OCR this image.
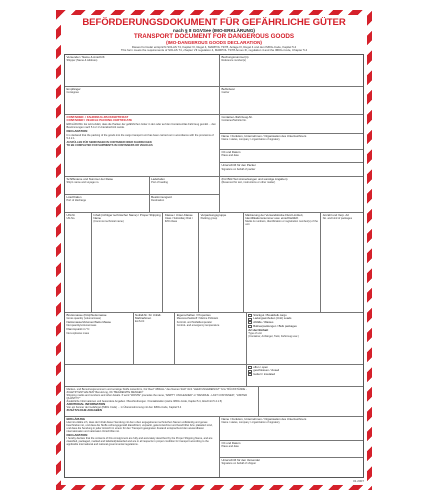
BEFÖRDERUNGSDOKUMENT FÜR GEFÄHRLICHE GÜTER
nach § 8 GGVSee (IMO-ERKLÄRUNG)
TRANSPORT DOCUMENT FOR DANGEROUS GOODS
(IMO-DANGEROUS GOODS DECLARATION)
Dieses Formular entspricht SOLAS 74, Kapitel VI, Regel 4, MARPOL 73/78, Anlage III, Regel 4 und den IMDG-Code, Kapitel 5.4
This form meets the requirements of SOLAS 74, chapter VII regulation 4, MARPOL 73/78 Annex III, regulation 4 and the IMDG-Code, Chapter 5.4
Versender / Name & Anschrift
Shipper (Name & Address)
Buchungsnummer(n)
Reference number(s)
Empfänger
Consignee
Beförderer
Carrier
CONTAINER- / FAHRZEUG-PACKZERTIFIKAT
CONTAINER / VEHICLE PACKING CERTIFICATE
ERKLÄRUNG: Es wird erklärt, dass die Packen der gefährlichen Güter in den oder auf den Container/das Fahrzeug gemäß ... den Bestimmungen nach 5.4.2.1 Unterabschnitt wurde.
DECLARATION
It is declared that the packing of the goods into the cargo transport unit has been carried out in accordance with the provisions of 5.4.2.1.
AUSFÜLLEN FÜR SENDUNGEN IN CONTAINER ODER FAHRZEUGEN
TO BE COMPLETED FOR SHIPMENTS IN CONTAINERS OR VEHICLES
Container-/Fahrzeug-Nr.
Container/Vehicle No.
Name / Funktion, Unternehmen / Organisation des Unterzeichners
Name / status, company / organization of signatory
Ort und Datum
Place and date
Unterschrift für den Packer
Signature on behalf of packer
Schiffsname und Nummer der Reise
Ship's name and voyage no.
Ladehafen
Port of loading
Löschhafen
Port of discharge
Bestimmungsort
Destination
(Für Bild Text Anmerkungen und sonstige Angaben)
(Reserved for text, instructions or other matter)
UN-Nr.
UN-No.
Inhalt (richtiger technischer Name) / Proper Shipping Name
(Common technical name)
Klasse / Unter-Klasse
Class / Subsidiary Risk / IMO-Class
Verpackungsgruppe
Packing group
Markierung der Versandstücke Fluid Limitiert, Identifikationsnummer usw. einschließlich
Marks & numbers, Identification or registration number(s) of the unit
Anzahl und Verp. Art
No. and kind of packages
Bruttomasse (Kilo)/Nettomasse
Gross quantity (volume/mass)
Nettomasse/Volumen/Netto Masse
Net quantity/volume/mass
Flammpunkt in °C
Net explosive mass
Notfall-Nr. für Unfall-Maßnahmen
EmS-Nr.
Eigenschaften / Properties
Meeresschadstoff / Marine Pollutant
Kontroll- und Notfalltemperatur
Control- and emergency temperature
Stückgut / Breakbulk cargo
Ladungseinheiten (Unit) Loads
Abfälle / Wastes
Bulkverpackungen / Bulk packages
Art der Einheit
Type of unit
(Container, Anhänger, Tank, Fahrzeug usw.)
offen / open
geschlossen / closed
Isoliert / insulated
Marken- und Benutzungsnummern und sonstige Stoffe Listenform, Für Reef "ABFALL" des Namen Stoff "ALS "LEER UNGEREINIGT" bzw "RÜCKSTÄNDE - ZULETZT ENTHALTEN" Benutzung, Ob "BEGRENZTE MENGEN"
Shipping marks and numbers and other details. If word "WASTE" precedes the name, "EMPTY UNCLEANED" or "RESIDUE - LAST CONTAINED", "LIMITED QUANTITY"
Zusätzliche Informationen und besondere Angaben / Beschreibungen / Kontaktstellen (siehe IMDG-Code, Kapitel 5.4, Abschnitt 5.4.1.5)
ADDITIONAL INFORMATION
Von ein Kenner der Gefahrgut (IMDG Code) ... in Übereinstimmung mit den IMDG-Code, Kapitel 5.4
ZUSÄTZLICHE ANGABEN
ERKLÄRUNG
Hiermit erkläre ich, dass der Inhalt dieser Sendung mit dem oben angegebenen technischen Namen vollständig und genau beschrieben ist, und dass die Stoffe ordnungsgemäß klassifiziert, verpackt, gekennzeichnet und beschriftet bzw. plakatiert sind, und dass die Sendung in jeder Hinsicht in einem für den Transport geeigneten Zustand entsprechend den anwendbaren internationalen und nationalen Vorschriften ist.
DECLARATION
I hereby declare that the contents of this consignment are fully and accurately described by the Proper Shipping Name, and are classified, packaged, marked and labelled/placarded and are in all respects in proper condition for transport according to the applicable international and national governmental regulations.
Name / Funktion, Unternehmen / Organisation des Unterzeichners
Name / status, company / organization of signatory
Ort und Datum
Place and date
Unterschrift für den Versender
Signature on behalf of shipper
01.2007
